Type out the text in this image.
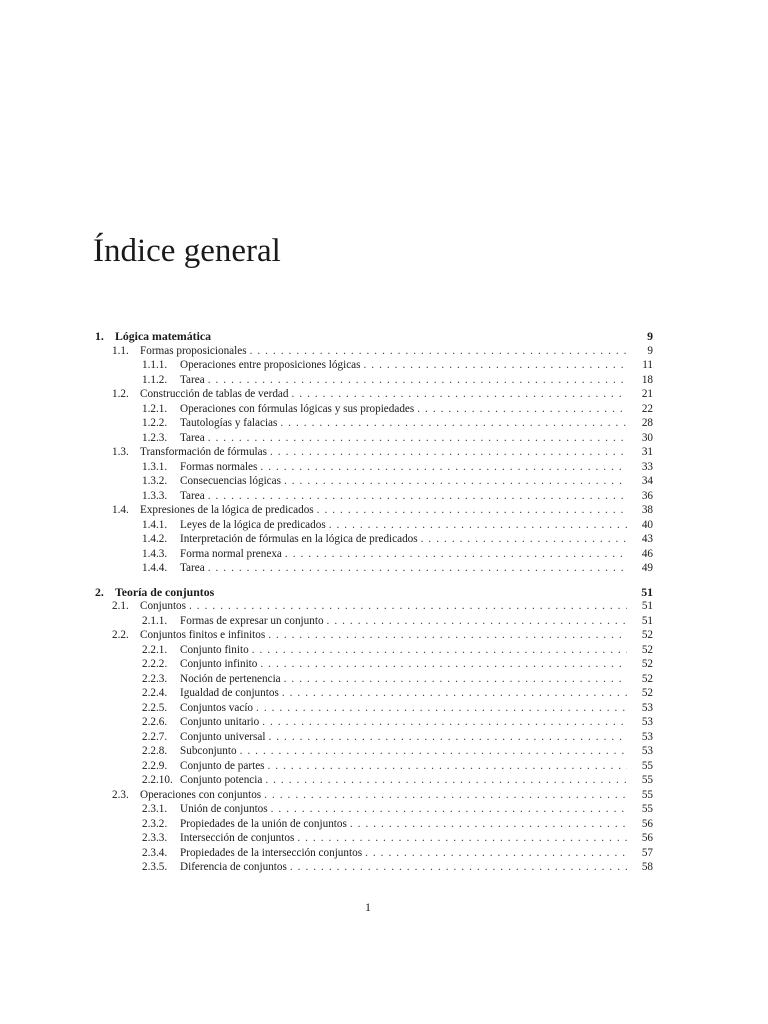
Índice general
1. Lógica matemática	9
1.1.	Formas proposicionales . . .	9
1.1.1.	Operaciones entre proposiciones lógicas . . .	11
1.1.2.	Tarea . . .	18
1.2.	Construcción de tablas de verdad . . .	21
1.2.1.	Operaciones con fórmulas lógicas y sus propiedades . . .	22
1.2.2.	Tautologías y falacias . . .	28
1.2.3.	Tarea . . .	30
1.3.	Transformación de fórmulas . . .	31
1.3.1.	Formas normales . . .	33
1.3.2.	Consecuencias lógicas . . .	34
1.3.3.	Tarea . . .	36
1.4.	Expresiones de la lógica de predicados . . .	38
1.4.1.	Leyes de la lógica de predicados . . .	40
1.4.2.	Interpretación de fórmulas en la lógica de predicados . . .	43
1.4.3.	Forma normal prenexa . . .	46
1.4.4.	Tarea . . .	49
2. Teoría de conjuntos	51
2.1.	Conjuntos . . .	51
2.1.1.	Formas de expresar un conjunto . . .	51
2.2.	Conjuntos finitos e infinitos . . .	52
2.2.1.	Conjunto finito . . .	52
2.2.2.	Conjunto infinito . . .	52
2.2.3.	Noción de pertenencia . . .	52
2.2.4.	Igualdad de conjuntos . . .	52
2.2.5.	Conjuntos vacío . . .	53
2.2.6.	Conjunto unitario . . .	53
2.2.7.	Conjunto universal . . .	53
2.2.8.	Subconjunto . . .	53
2.2.9.	Conjunto de partes . . .	55
2.2.10. Conjunto potencia . . .	55
2.3.	Operaciones con conjuntos . . .	55
2.3.1.	Unión de conjuntos . . .	55
2.3.2.	Propiedades de la unión de conjuntos . . .	56
2.3.3.	Intersección de conjuntos . . .	56
2.3.4.	Propiedades de la intersección conjuntos . . .	57
2.3.5.	Diferencia de conjuntos . . .	58
1
